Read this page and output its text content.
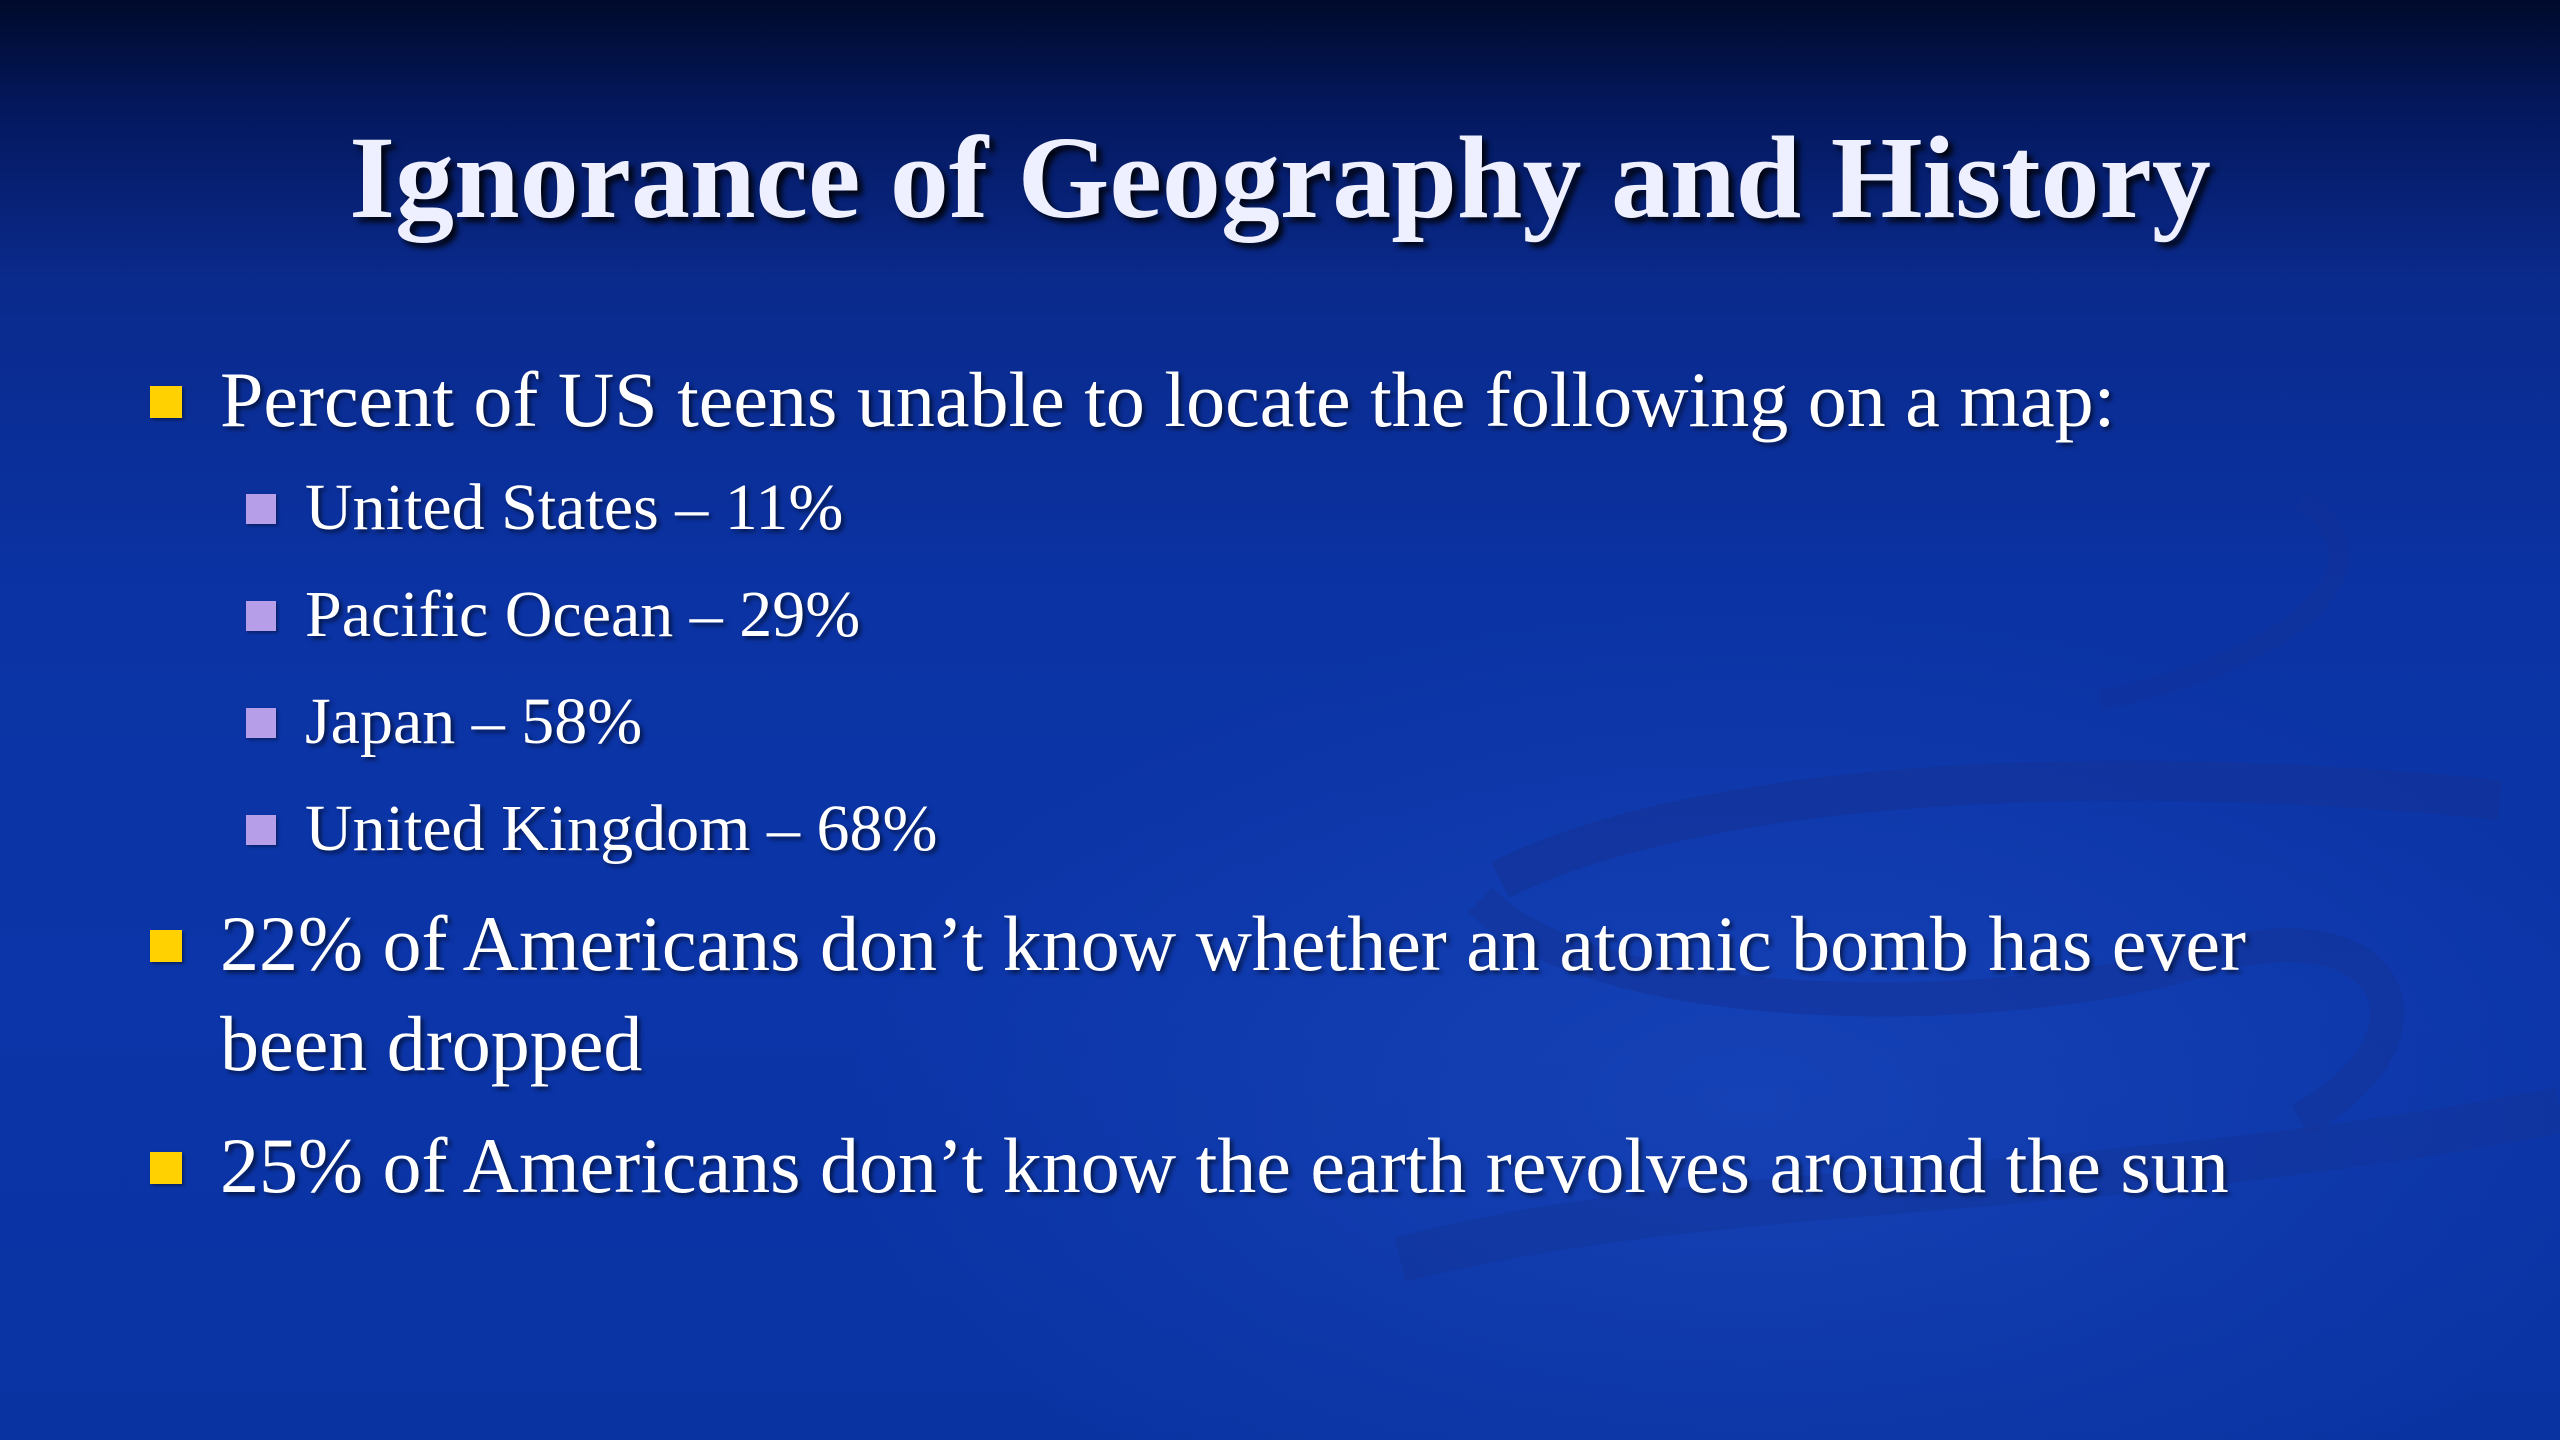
Ignorance of Geography and History
Percent of US teens unable to locate the following on a map:
United States – 11%
Pacific Ocean – 29%
Japan – 58%
United Kingdom – 68%
22% of Americans don’t know whether an atomic bomb has ever
been dropped
25% of Americans don’t know the earth revolves around the sun
